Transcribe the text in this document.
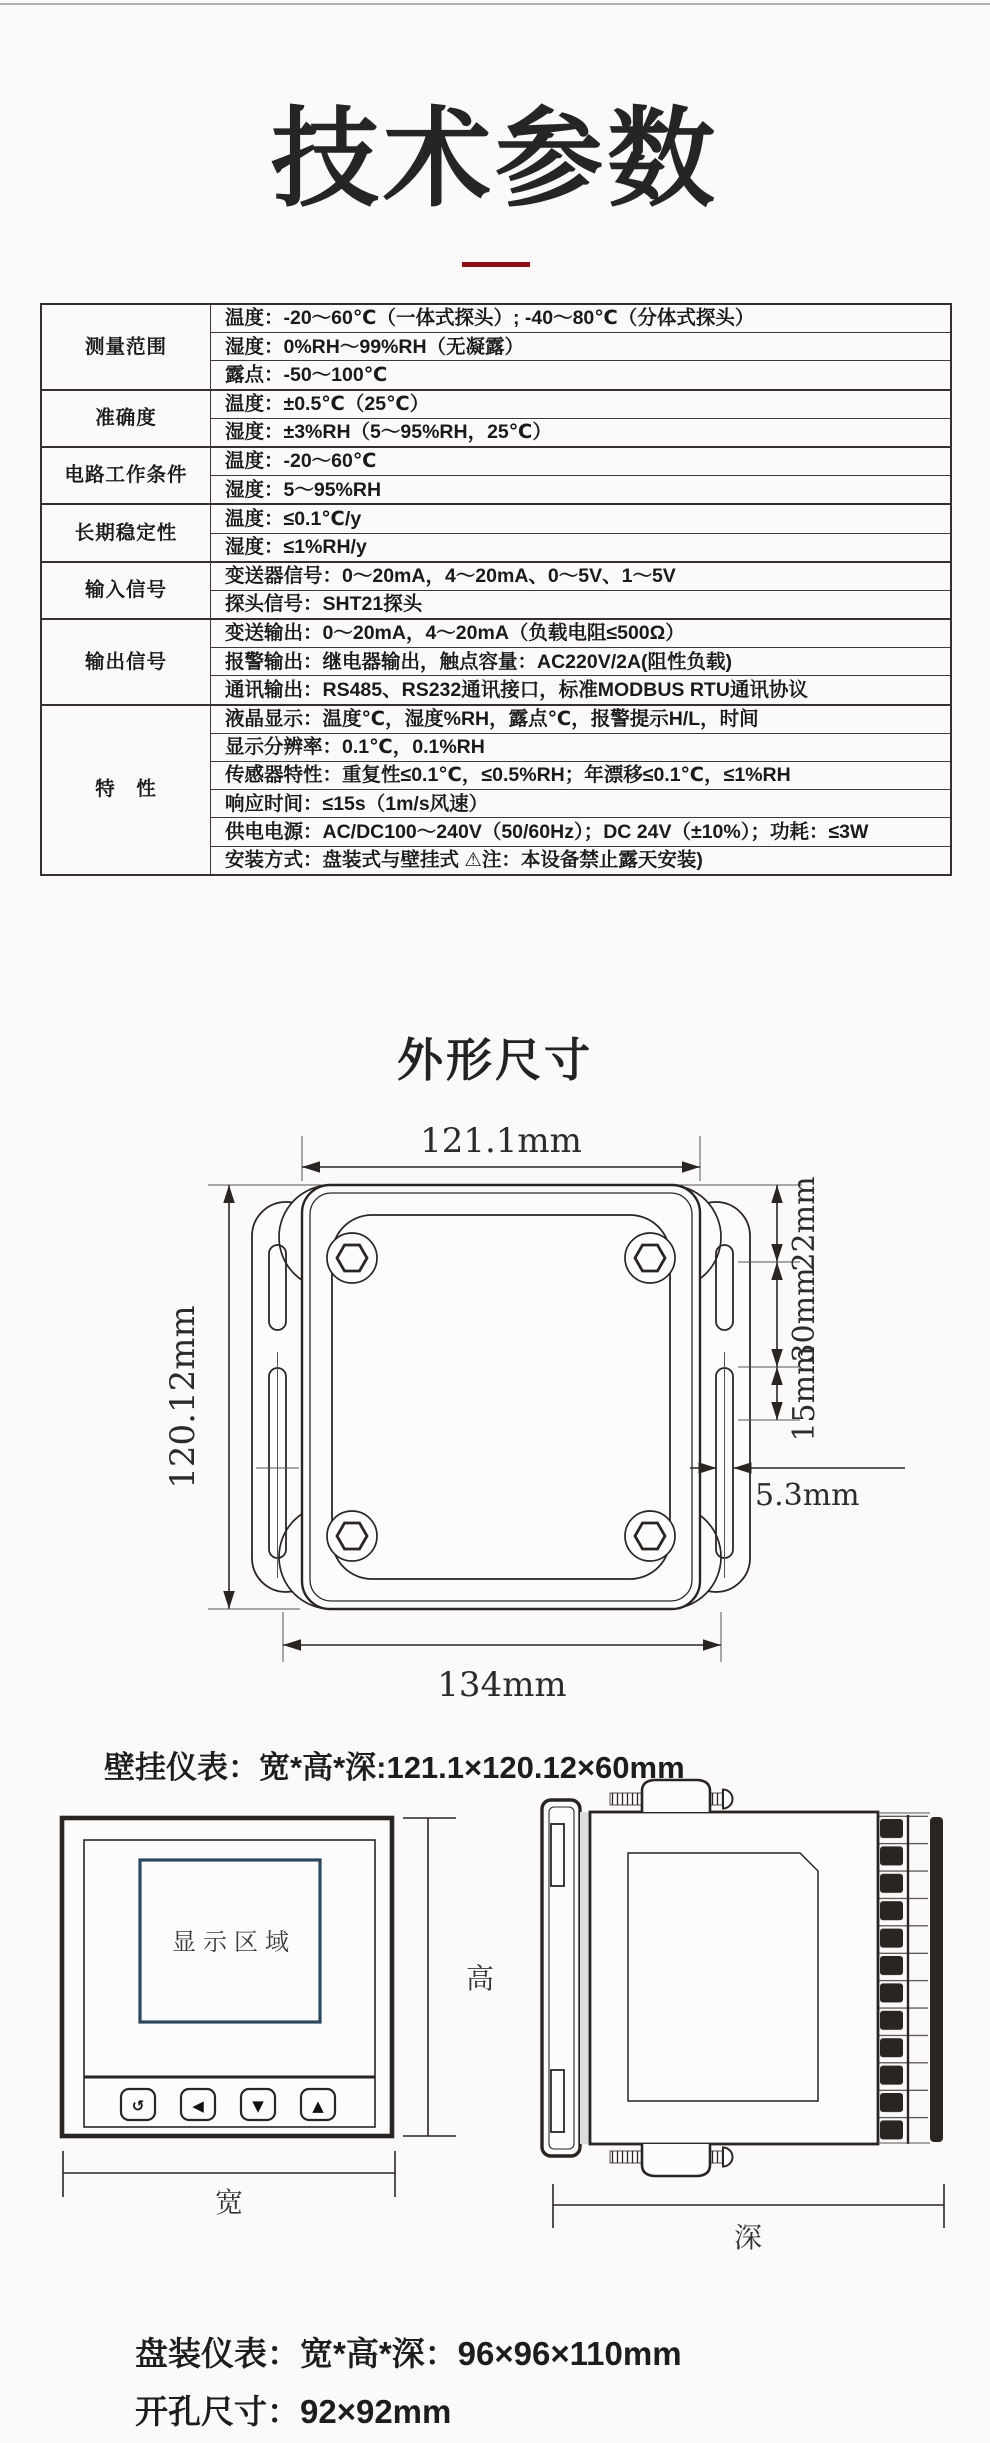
技术参数
测量范围	温度：-20～60℃（一体式探头）; -40～80℃（分体式探头）
	湿度：0%RH～99%RH（无凝露）
	露点：-50～100℃
准确度	温度：±0.5℃（25℃）
	湿度：±3%RH（5～95%RH，25℃）
电路工作条件	温度：-20～60℃
	湿度：5～95%RH
长期稳定性	温度：≤0.1℃/y
	湿度：≤1%RH/y
输入信号	变送器信号：0～20mA，4～20mA、0～5V、1～5V
	探头信号：SHT21探头
输出信号	变送输出：0～20mA，4～20mA（负载电阻≤500Ω）
	报警输出：继电器输出，触点容量：AC220V/2A(阻性负载)
	通讯输出：RS485、RS232通讯接口，标准MODBUS RTU通讯协议
特　性	液晶显示：温度℃，湿度%RH，露点℃，报警提示H/L，时间
	显示分辨率：0.1℃，0.1%RH
	传感器特性：重复性≤0.1℃，≤0.5%RH；年漂移≤0.1℃，≤1%RH
	响应时间：≤15s（1m/s风速）
	供电电源：AC/DC100～240V（50/60Hz）；DC 24V（±10%）；功耗：≤3W
	安装方式：盘装式与壁挂式 ⚠注：本设备禁止露天安装)
外形尺寸
121.1mm
120.12mm
22mm
30mm
15mm
5.3mm
134mm
显示区域
↺	◀	▼	▲
高
宽
深
壁挂仪表：宽*高*深:121.1×120.12×60mm
盘装仪表：宽*高*深：96×96×110mm
开孔尺寸：92×92mm
